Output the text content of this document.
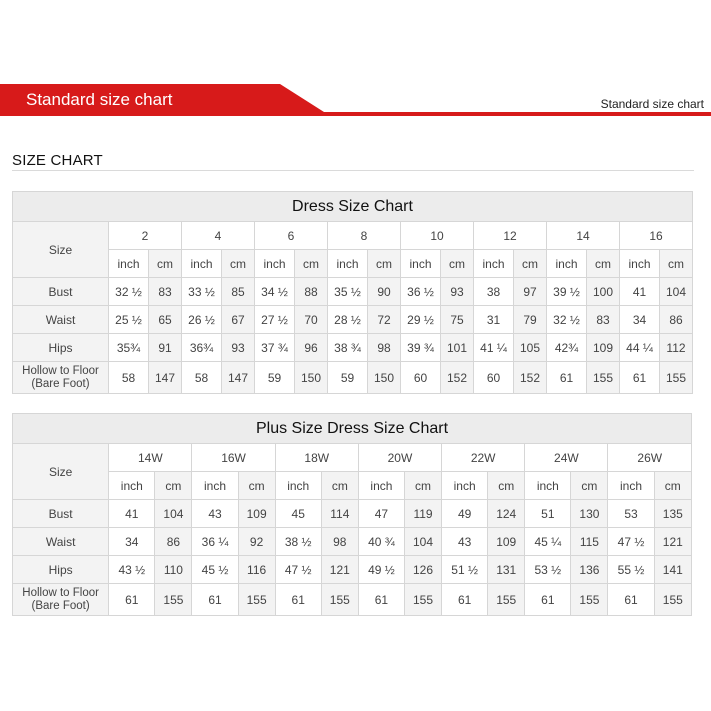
Standard size chart	Standard size chart
SIZE CHART
Dress Size Chart																
Size	2		4		6		8		10		12		14		16	
	inch	cm	inch	cm	inch	cm	inch	cm	inch	cm	inch	cm	inch	cm	inch	cm
Bust	32 ½	83	33 ½	85	34 ½	88	35 ½	90	36 ½	93	38	97	39 ½	100	41	104
Waist	25 ½	65	26 ½	67	27 ½	70	28 ½	72	29 ½	75	31	79	32 ½	83	34	86
Hips	35¾	91	36¾	93	37 ¾	96	38 ¾	98	39 ¾	101	41 ¼	105	42¾	109	44 ¼	112

Hollow to Floor
(Bare Foot)	58	147	58	147	59	150	59	150	60	152	60	152	61	155	61	155
Plus Size Dress Size Chart														
Size	14W		16W		18W		20W		22W		24W		26W	
	inch	cm	inch	cm	inch	cm	inch	cm	inch	cm	inch	cm	inch	cm
Bust	41	104	43	109	45	114	47	119	49	124	51	130	53	135
Waist	34	86	36 ¼	92	38 ½	98	40 ¾	104	43	109	45 ¼	115	47 ½	121
Hips	43 ½	110	45 ½	116	47 ½	121	49 ½	126	51 ½	131	53 ½	136	55 ½	141

Hollow to Floor
(Bare Foot)	61	155	61	155	61	155	61	155	61	155	61	155	61	155
